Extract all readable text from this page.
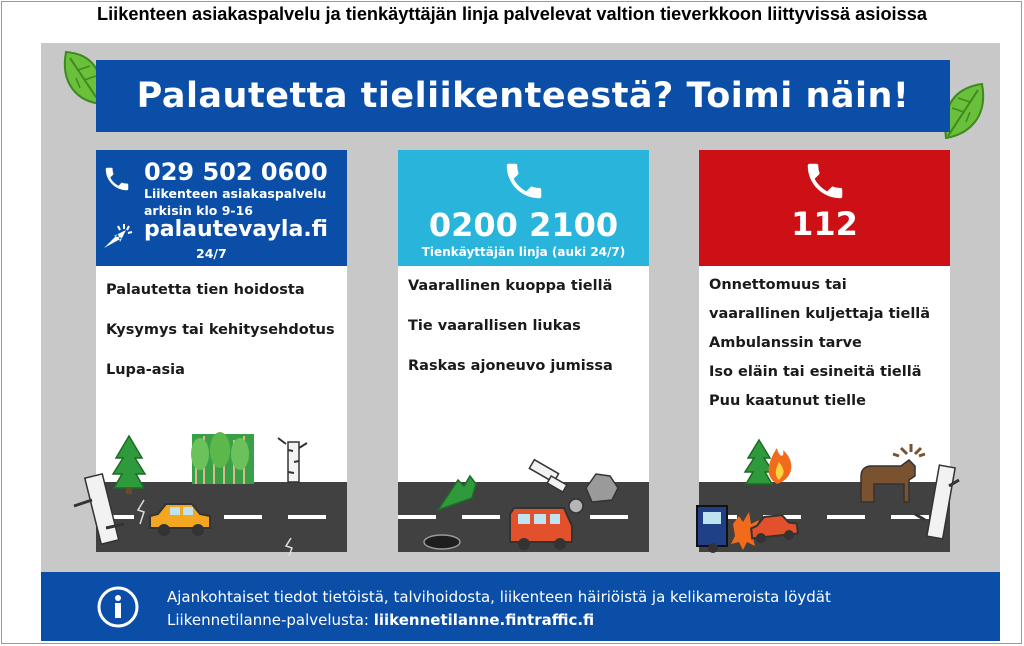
Liikenteen asiakaspalvelu ja tienkäyttäjän linja palvelevat valtion tieverkkoon liittyvissä asioissa
Palautetta tieliikenteestä? Toimi näin!
029 502 0600
Liikenteen asiakaspalvelu
arkisin klo 9-16
palautevayla.fi
24/7
Palautetta tien hoidosta
Kysymys tai kehitysehdotus
Lupa-asia
0200 2100
Tienkäyttäjän linja (auki 24/7)
Vaarallinen kuoppa tiellä
Tie vaarallisen liukas
Raskas ajoneuvo jumissa
112
Onnettomuus tai
vaarallinen kuljettaja tiellä
Ambulanssin tarve
Iso eläin tai esineitä tiellä
Puu kaatunut tielle
Ajankohtaiset tiedot tietöistä, talvihoidosta, liikenteen häiriöistä ja kelikameroista löydät
Liikennetilanne-palvelusta: liikennetilanne.fintraffic.fi
